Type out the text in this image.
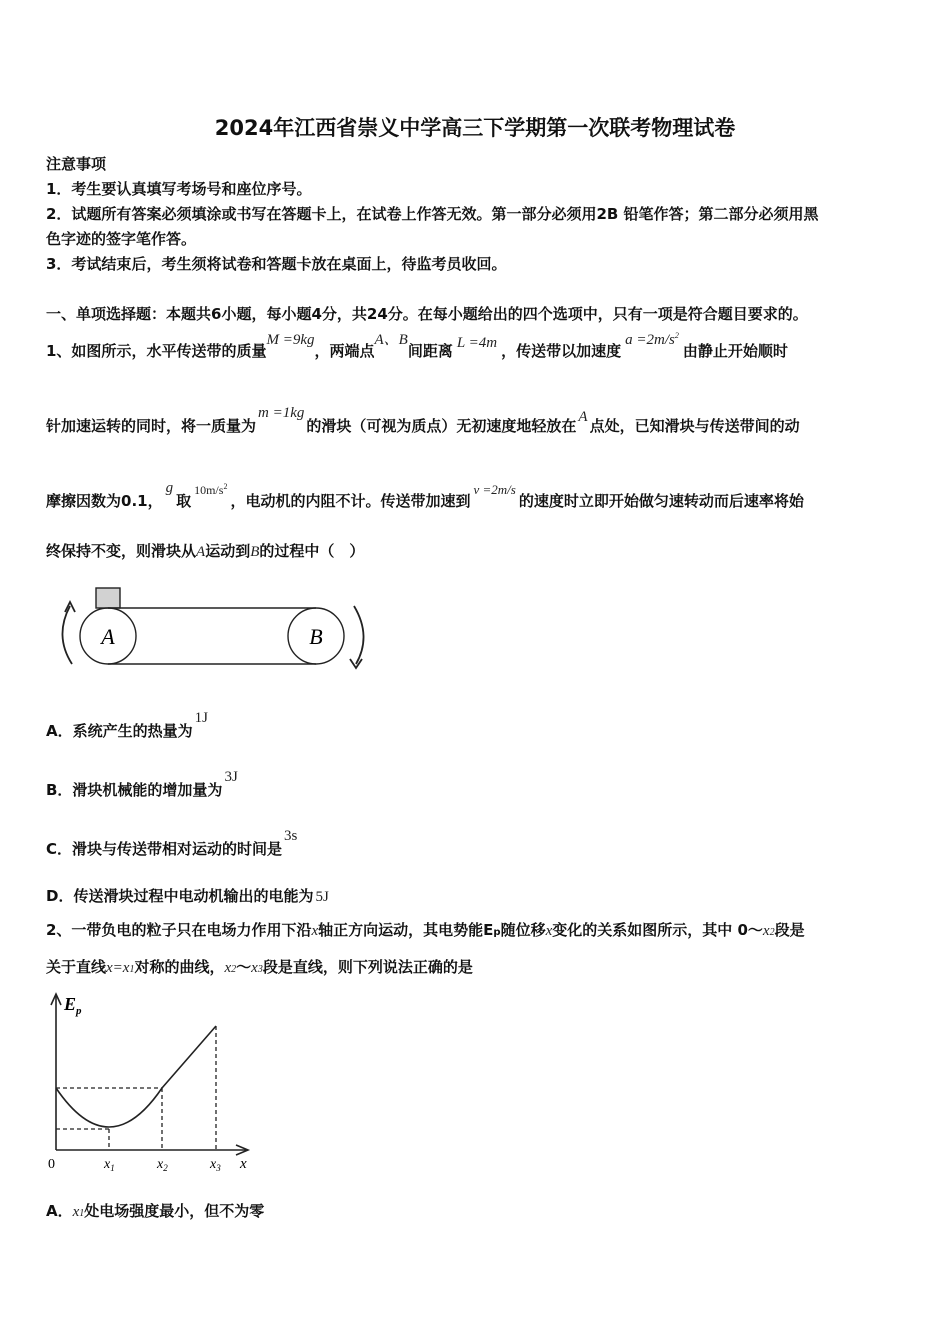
2024年江西省崇义中学高三下学期第一次联考物理试卷
注意事项
1．考生要认真填写考场号和座位序号。
2．试题所有答案必须填涂或书写在答题卡上，在试卷上作答无效。第一部分必须用2B 铅笔作答；第二部分必须用黑
色字迹的签字笔作答。
3．考试结束后，考生须将试卷和答题卡放在桌面上，待监考员收回。
一、单项选择题：本题共6小题，每小题4分，共24分。在每小题给出的四个选项中，只有一项是符合题目要求的。
1、如图所示，水平传送带的质量M =9kg，两端点A、B间距离 L =4m ，传送带以加速度$a =2m/s^2$由静止开始顺时
针加速运转的同时，将一质量为m =1kg的滑块（可视为质点）无初速度地轻放在 A 点处，已知滑块与传送带间的动
摩擦因数为0.1，g取$^{10m/s^2}$，电动机的内阻不计。传送带加速到v =2m/s的速度时立即开始做匀速转动而后速率将始
终保持不变，则滑块从A运动到B的过程中（　）
A	B
A．系统产生的热量为1J
B．滑块机械能的增加量为3J
C．滑块与传送带相对运动的时间是3s
D．传送滑块过程中电动机输出的电能为 5J
2、一带负电的粒子只在电场力作用下沿x轴正方向运动，其电势能Ep随位移x变化的关系如图所示，其中 0～x2段是
关于直线x=x1对称的曲线，x2～x3段是直线，则下列说法正确的是
$E_p$
0	$x_1$	$x_2$	$x_3$ x
A．x1处电场强度最小，但不为零
